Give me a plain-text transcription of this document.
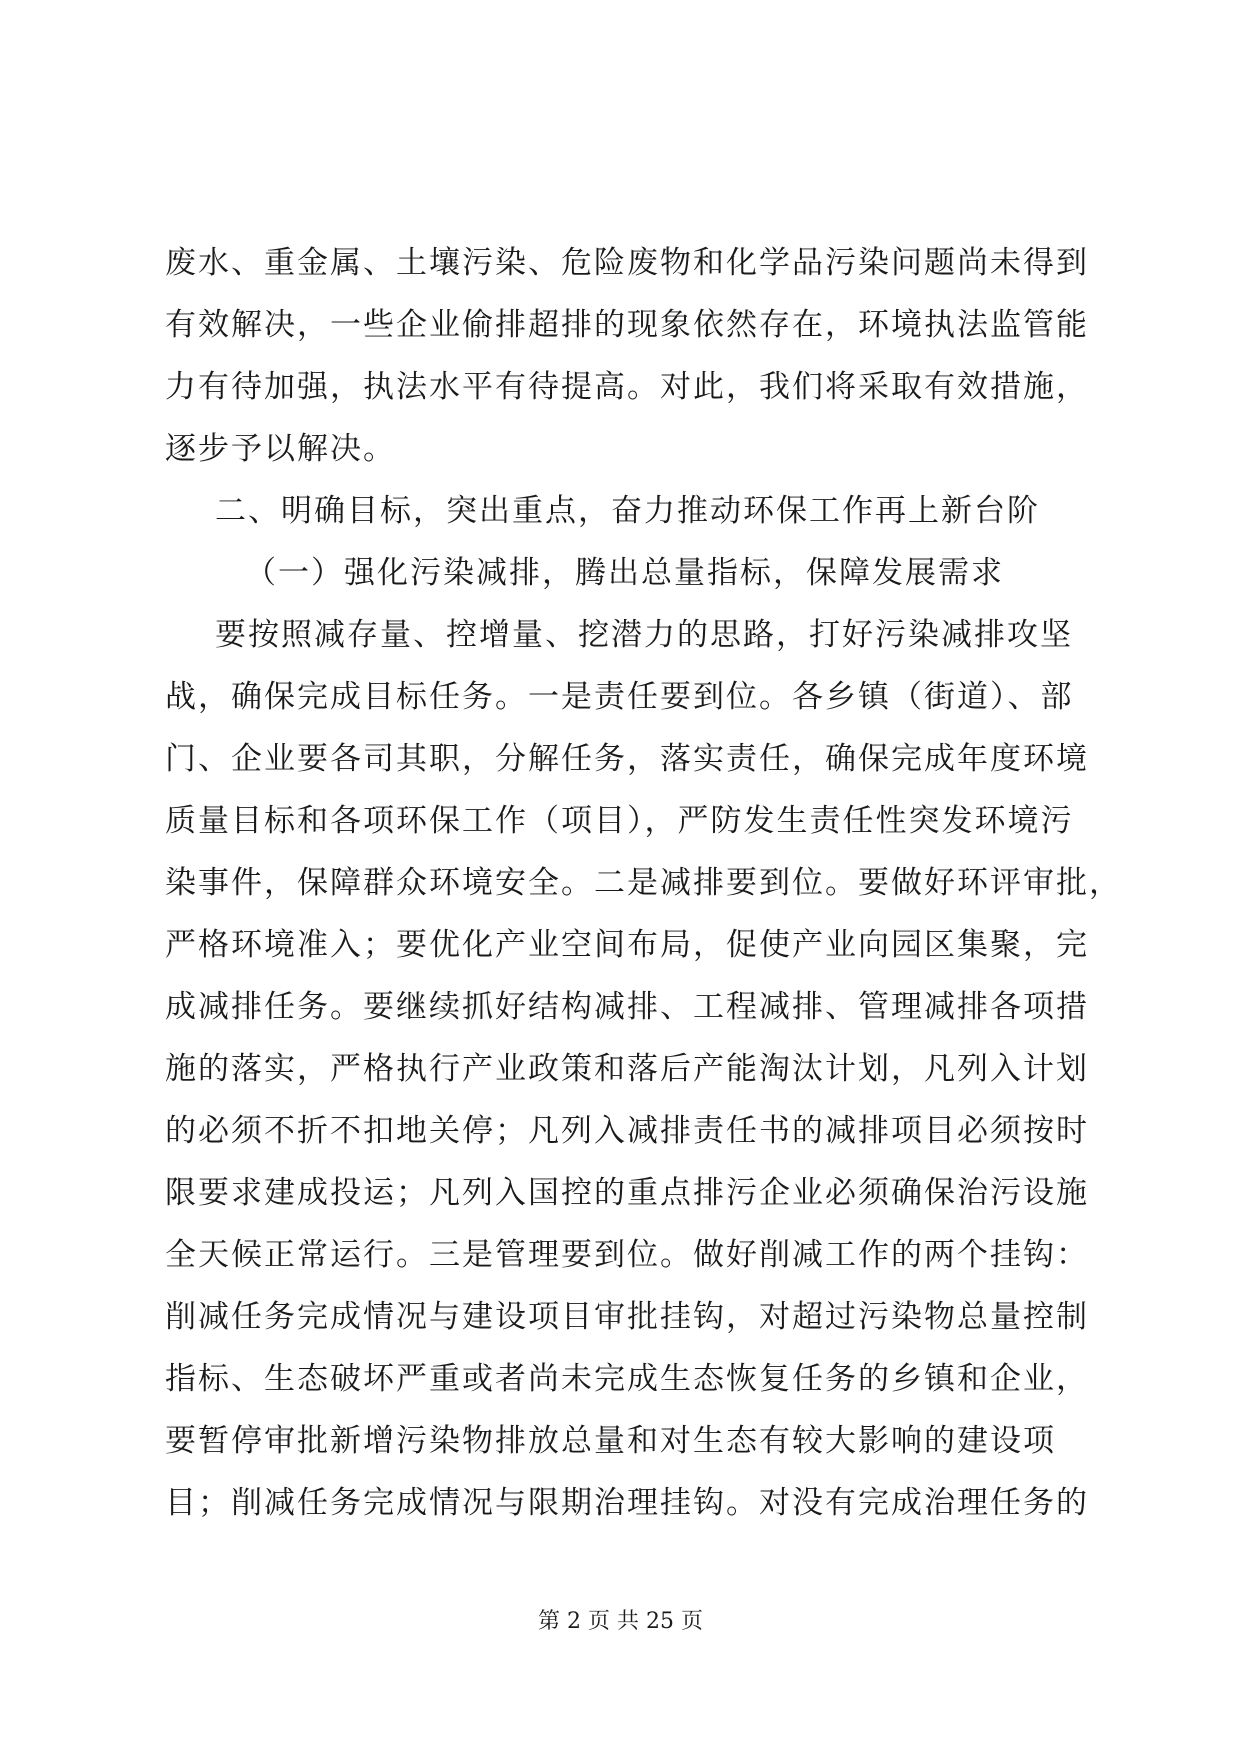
废水、重金属、土壤污染、危险废物和化学品污染问题尚未得到
有效解决，一些企业偷排超排的现象依然存在，环境执法监管能
力有待加强，执法水平有待提高。对此，我们将采取有效措施，
逐步予以解决。
二、明确目标，突出重点，奋力推动环保工作再上新台阶
（一）强化污染减排，腾出总量指标，保障发展需求
要按照减存量、控增量、挖潜力的思路，打好污染减排攻坚
战，确保完成目标任务。一是责任要到位。各乡镇（街道）、部
门、企业要各司其职，分解任务，落实责任，确保完成年度环境
质量目标和各项环保工作（项目），严防发生责任性突发环境污
染事件，保障群众环境安全。二是减排要到位。要做好环评审批，
严格环境准入；要优化产业空间布局，促使产业向园区集聚，完
成减排任务。要继续抓好结构减排、工程减排、管理减排各项措
施的落实，严格执行产业政策和落后产能淘汰计划，凡列入计划
的必须不折不扣地关停；凡列入减排责任书的减排项目必须按时
限要求建成投运；凡列入国控的重点排污企业必须确保治污设施
全天候正常运行。三是管理要到位。做好削减工作的两个挂钩：
削减任务完成情况与建设项目审批挂钩，对超过污染物总量控制
指标、生态破坏严重或者尚未完成生态恢复任务的乡镇和企业，
要暂停审批新增污染物排放总量和对生态有较大影响的建设项
目；削减任务完成情况与限期治理挂钩。对没有完成治理任务的
第 2 页 共 25 页
